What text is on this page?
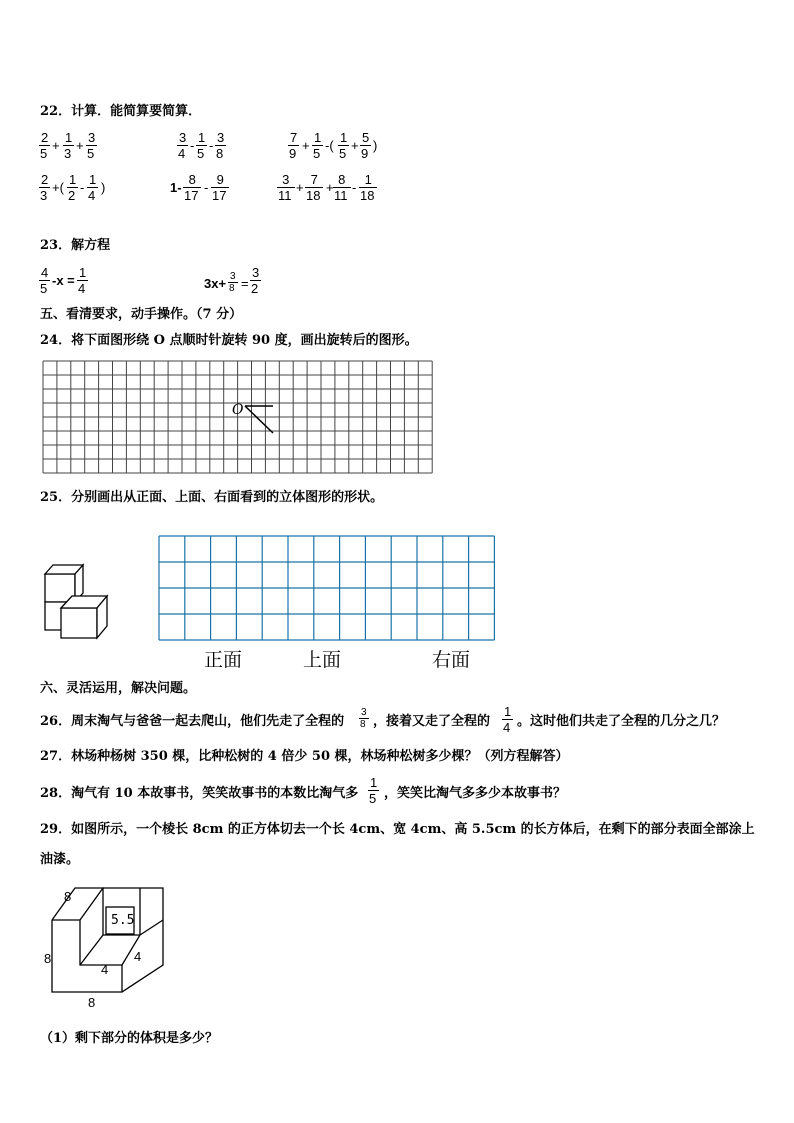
22．计算．能简算要简算．
$\frac{2}{5} + \frac{1}{3} + \frac{3}{5}$	$\frac{3}{4} - \frac{1}{5} - \frac{3}{8}$	$\frac{7}{9} + \frac{1}{5}$ -( $\frac{1}{5} + \frac{5}{9}$ )
$\frac{2}{3}$ +( $\frac{1}{2} - \frac{1}{4}$ )	$1- \frac{8}{17} - \frac{9}{17}$	$\frac{3}{11} + \frac{7}{18} + \frac{8}{11} - \frac{1}{18}$
23．解方程
$\frac{4}{5} -x = \frac{1}{4}$	$3x+ \frac{3}{8} = \frac{3}{2}$
五、看清要求，动手操作。（7 分）
24．将下面图形绕 O 点顺时针旋转 90 度，画出旋转后的图形。
O
25．分别画出从正面、上面、右面看到的立体图形的形状。
正面	上面	右面
六、灵活运用，解决问题。
26．周末淘气与爸爸一起去爬山，他们先走了全程的 $\frac{3}{8}$ ，接着又走了全程的 $\frac{1}{4}$ 。这时他们共走了全程的几分之几？
27．林场种杨树 350 棵，比种松树的 4 倍少 50 棵，林场种松树多少棵？（列方程解答）
28．淘气有 10 本故事书，笑笑故事书的本数比淘气多 $\frac{1}{5}$ ，笑笑比淘气多多少本故事书？
29．如图所示，一个棱长 8cm 的正方体切去一个长 4cm、宽 4cm、高 5.5cm 的长方体后，在剩下的部分表面全部涂上
油漆。
8
8
8
5.5
4
4
（1）剩下部分的体积是多少？
